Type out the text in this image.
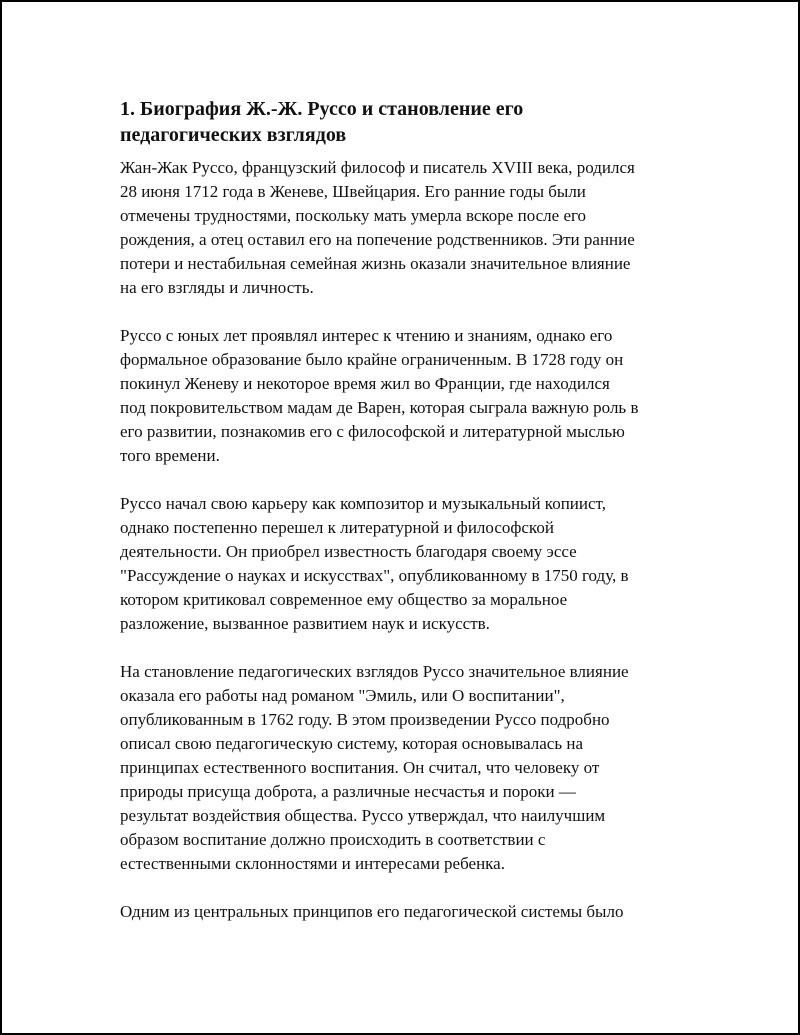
1. Биография Ж.-Ж. Руссо и становление его
педагогических взглядов

Жан-Жак Руссо, французский философ и писатель XVIII века, родился
28 июня 1712 года в Женеве, Швейцария. Его ранние годы были
отмечены трудностями, поскольку мать умерла вскоре после его
рождения, а отец оставил его на попечение родственников. Эти ранние
потери и нестабильная семейная жизнь оказали значительное влияние
на его взгляды и личность.

Руссо с юных лет проявлял интерес к чтению и знаниям, однако его
формальное образование было крайне ограниченным. В 1728 году он
покинул Женеву и некоторое время жил во Франции, где находился
под покровительством мадам де Варен, которая сыграла важную роль в
его развитии, познакомив его с философской и литературной мыслью
того времени.

Руссо начал свою карьеру как композитор и музыкальный копиист,
однако постепенно перешел к литературной и философской
деятельности. Он приобрел известность благодаря своему эссе
"Рассуждение о науках и искусствах", опубликованному в 1750 году, в
котором критиковал современное ему общество за моральное
разложение, вызванное развитием наук и искусств.

На становление педагогических взглядов Руссо значительное влияние
оказала его работы над романом "Эмиль, или О воспитании",
опубликованным в 1762 году. В этом произведении Руссо подробно
описал свою педагогическую систему, которая основывалась на
принципах естественного воспитания. Он считал, что человеку от
природы присуща доброта, а различные несчастья и пороки —
результат воздействия общества. Руссо утверждал, что наилучшим
образом воспитание должно происходить в соответствии с
естественными склонностями и интересами ребенка.

Одним из центральных принципов его педагогической системы было
